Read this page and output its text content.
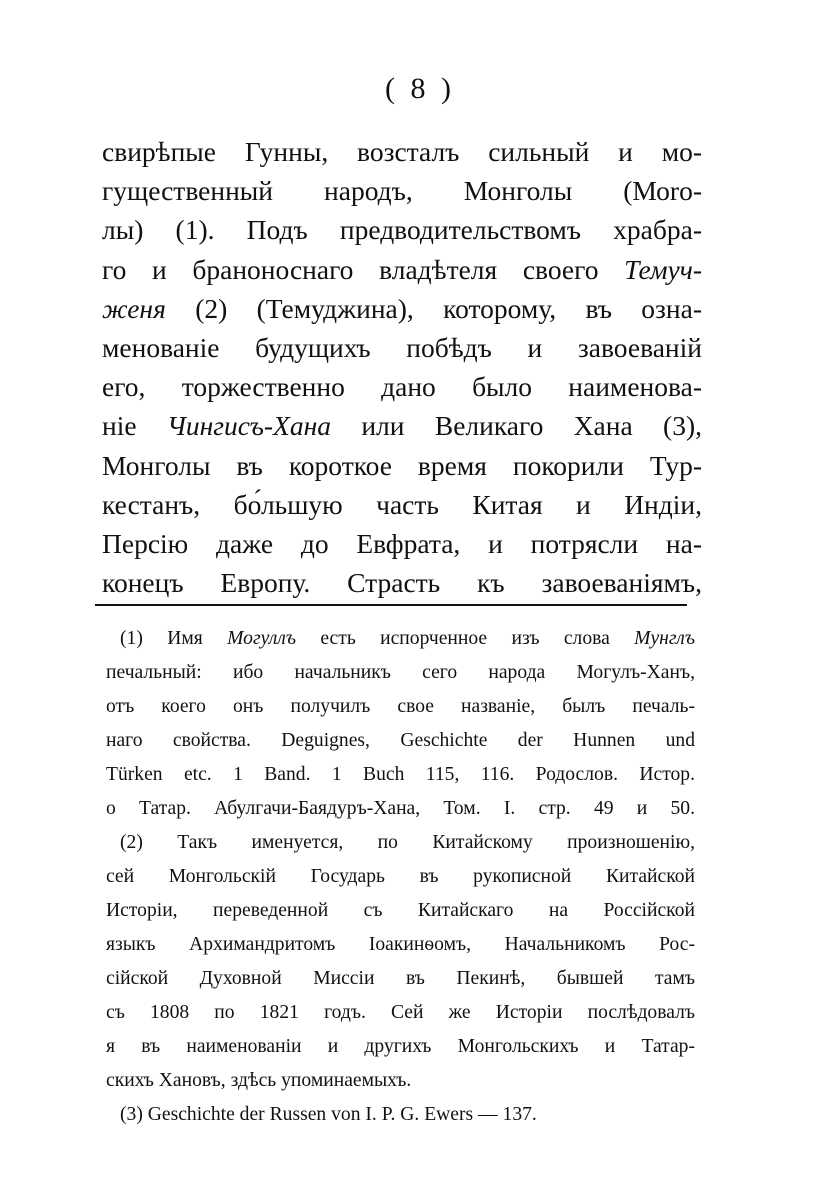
( 8 )
свирѣпые Гунны, возсталъ сильный и мо-
гущественный народъ, Монголы (Моrо-
лы) (1). Подъ предводительствомъ храбра-
го и браноноснаго владѣтеля своего Темуч-
женя (2) (Темуджина), которому, въ озна-
менованіе будущихъ побѣдъ и завоеваній
его, торжественно дано было наименова-
ніе Чингисъ-Хана или Великаго Хана (3),
Монголы въ короткое время покорили Тур-
кестанъ, бо́льшую часть Китая и Индіи,
Персію даже до Евфрата, и потрясли на-
конецъ Европу. Страсть къ завоеваніямъ,
(1) Имя Могуллъ есть испорченное изъ слова Мунглъ
печальный: ибо начальникъ сего народа Могулъ-Ханъ,
отъ коего онъ получилъ свое названіе, былъ печаль-
наго свойства. Deguignes, Geschichte der Hunnen und
Türken etc. 1 Band. 1 Buch 115, 116. Родослов. Истор.
о Татар. Абулгачи-Баядуръ-Хана, Том. I. стр. 49 и 50.
(2) Такъ именуется, по Китайскому произношенію,
сей Монгольскій Государь въ рукописной Китайской
Исторіи, переведенной съ Китайскаго на Россійской
языкъ Архимандритомъ Іоакинѳомъ, Начальникомъ Рос-
сійской Духовной Миссіи въ Пекинѣ, бывшей тамъ
съ 1808 по 1821 годъ. Сей же Исторіи послѣдовалъ
я въ наименованіи и другихъ Монгольскихъ и Татар-
скихъ Хановъ, здѣсь упоминаемыхъ.
(3) Geschichte der Russen von I. P. G. Ewers — 137.
